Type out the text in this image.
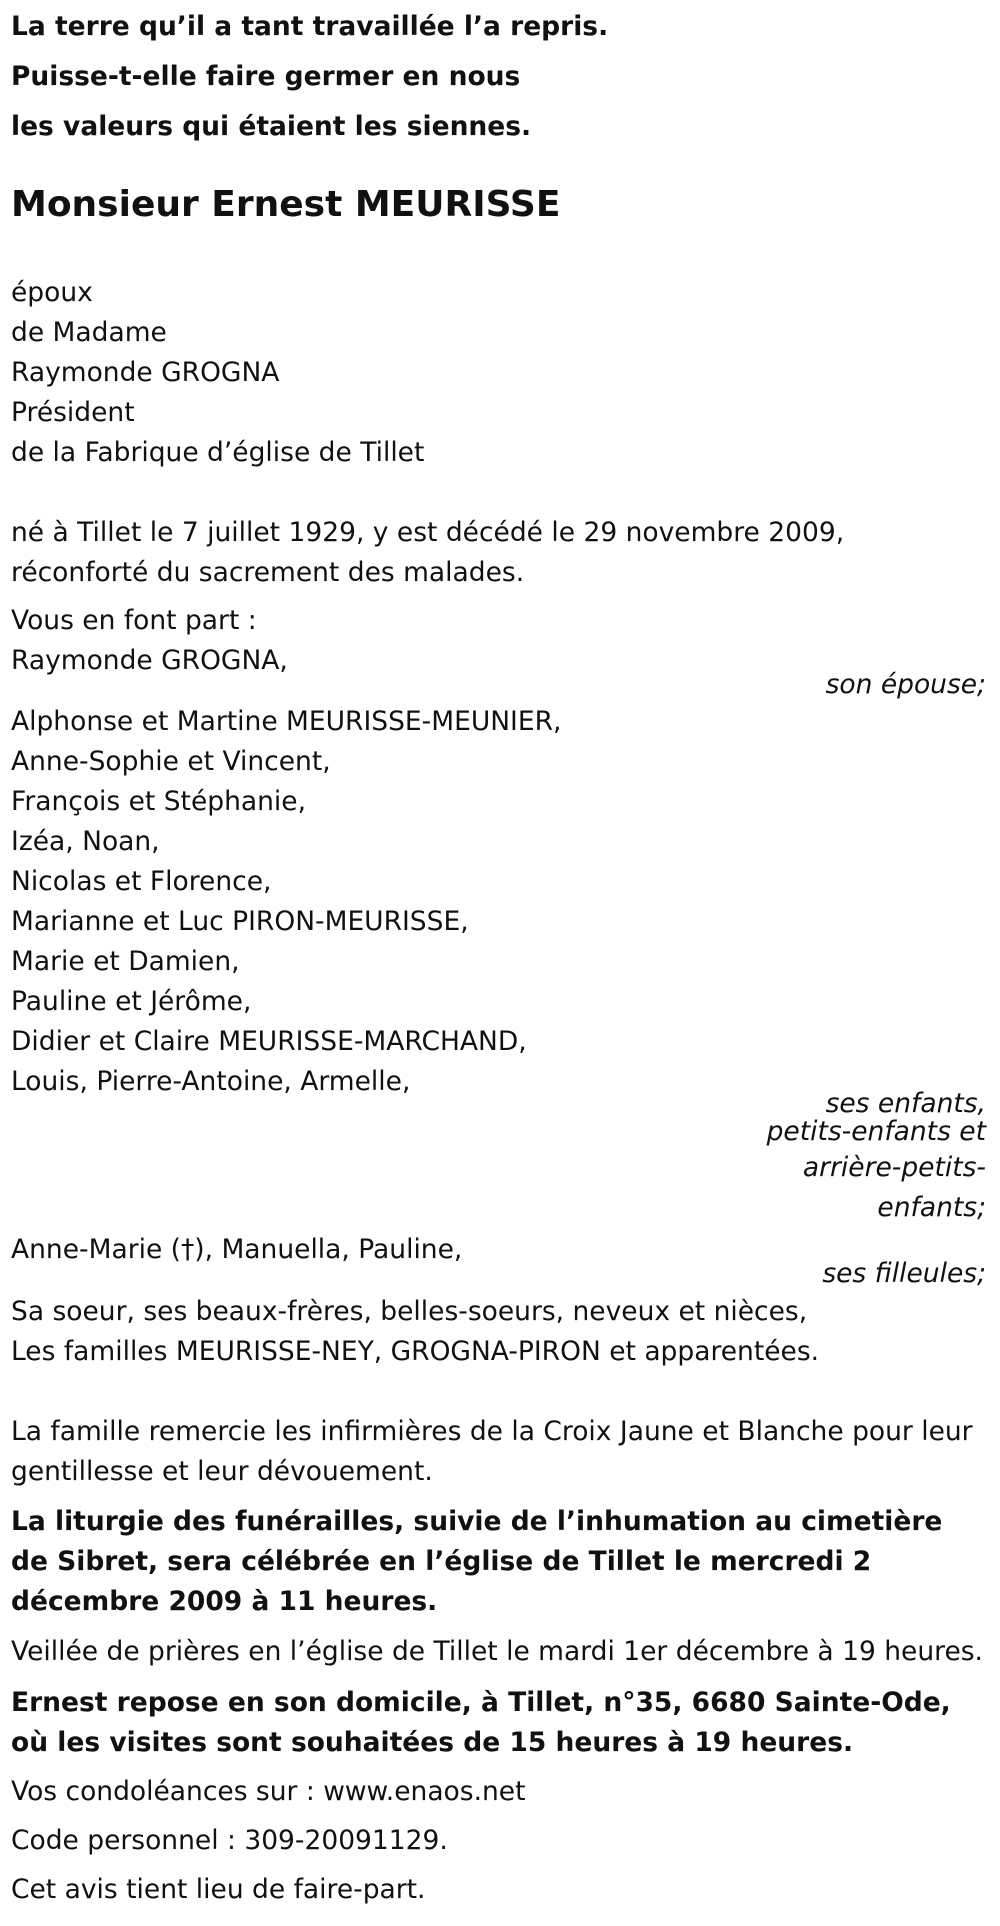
La terre qu’il a tant travaillée l’a repris.
Puisse-t-elle faire germer en nous
les valeurs qui étaient les siennes.
Monsieur Ernest MEURISSE
époux
de Madame
Raymonde GROGNA
Président
de la Fabrique d’église de Tillet
né à Tillet le 7 juillet 1929, y est décédé le 29 novembre 2009, réconforté du sacrement des malades.
Vous en font part :
Raymonde GROGNA,
son épouse;
Alphonse et Martine MEURISSE-MEUNIER,
Anne-Sophie et Vincent,
François et Stéphanie,
Izéa, Noan,
Nicolas et Florence,
Marianne et Luc PIRON-MEURISSE,
Marie et Damien,
Pauline et Jérôme,
Didier et Claire MEURISSE-MARCHAND,
Louis, Pierre-Antoine, Armelle,
ses enfants,
petits-enfants et
arrière-petits-
enfants;
Anne-Marie (†), Manuella, Pauline,
ses filleules;
Sa soeur, ses beaux-frères, belles-soeurs, neveux et nièces,
Les familles MEURISSE-NEY, GROGNA-PIRON et apparentées.
La famille remercie les infirmières de la Croix Jaune et Blanche pour leur gentillesse et leur dévouement.
La liturgie des funérailles, suivie de l’inhumation au cimetière de Sibret, sera célébrée en l’église de Tillet le mercredi 2 décembre 2009 à 11 heures.
Veillée de prières en l’église de Tillet le mardi 1er décembre à 19 heures.
Ernest repose en son domicile, à Tillet, n°35, 6680 Sainte-Ode, où les visites sont souhaitées de 15 heures à 19 heures.
Vos condoléances sur : www.enaos.net
Code personnel : 309-20091129.
Cet avis tient lieu de faire-part.
